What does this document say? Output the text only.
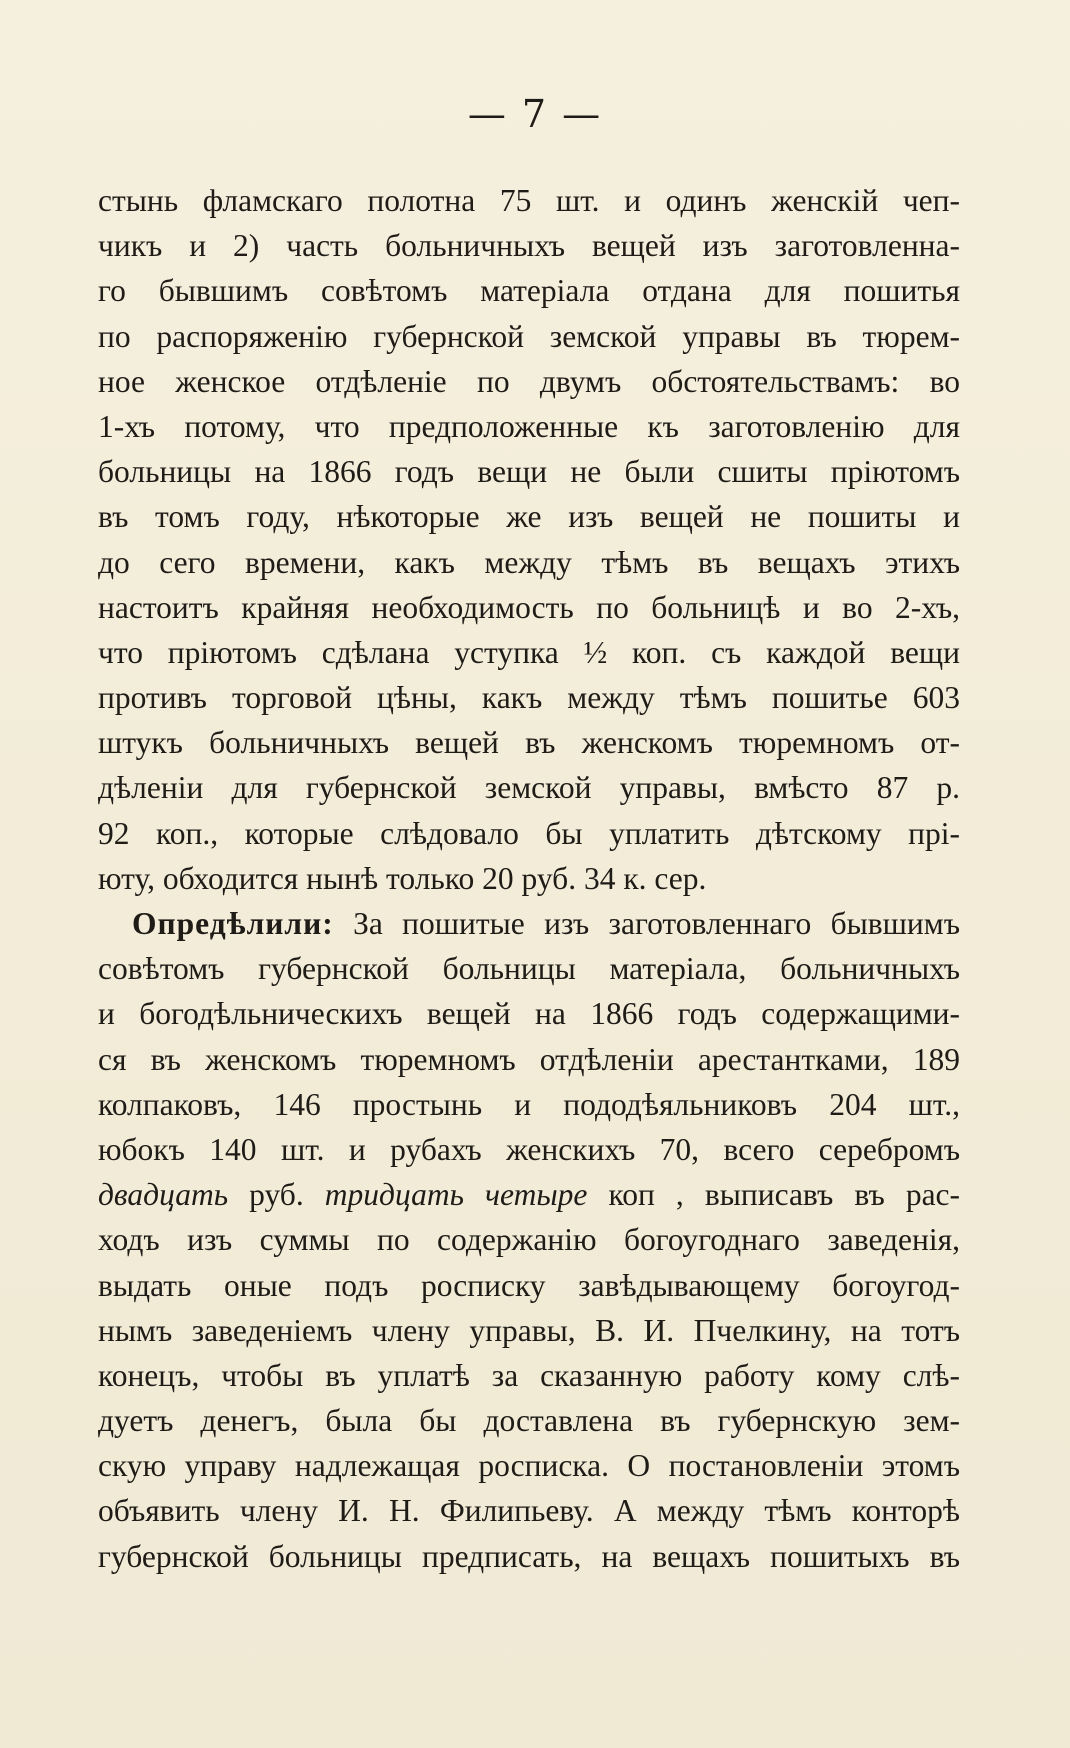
— 7 —
стынь фламскаго полотна 75 шт. и одинъ женскій чеп-
чикъ и 2) часть больничныхъ вещей изъ заготовленна-
го бывшимъ совѣтомъ матеріала отдана для пошитья
по распоряженію губернской земской управы въ тюрем-
ное женское отдѣленіе по двумъ обстоятельствамъ: во
1-хъ потому, что предположенные къ заготовленію для
больницы на 1866 годъ вещи не были сшиты пріютомъ
въ томъ году, нѣкоторые же изъ вещей не пошиты и
до сего времени, какъ между тѣмъ въ вещахъ этихъ
настоитъ крайняя необходимость по больницѣ и во 2-хъ,
что пріютомъ сдѣлана уступка ½ коп. съ каждой вещи
противъ торговой цѣны, какъ между тѣмъ пошитье 603
штукъ больничныхъ вещей въ женскомъ тюремномъ от-
дѣленіи для губернской земской управы, вмѣсто 87 р.
92 коп., которые слѣдовало бы уплатить дѣтскому прі-
юту, обходится нынѣ только 20 руб. 34 к. сер.
Опредѣлили: За пошитые изъ заготовленнаго бывшимъ
совѣтомъ губернской больницы матеріала, больничныхъ
и богодѣльническихъ вещей на 1866 годъ содержащими-
ся въ женскомъ тюремномъ отдѣленіи арестантками, 189
колпаковъ, 146 простынь и пододѣяльниковъ 204 шт.,
юбокъ 140 шт. и рубахъ женскихъ 70, всего серебромъ
двадцать руб. тридцать четыре коп , выписавъ въ рас-
ходъ изъ суммы по содержанію богоугоднаго заведенія,
выдать оные подъ росписку завѣдывающему богоугод-
нымъ заведеніемъ члену управы, В. И. Пчелкину, на тотъ
конецъ, чтобы въ уплатѣ за сказанную работу кому слѣ-
дуетъ денегъ, была бы доставлена въ губернскую зем-
скую управу надлежащая росписка. О постановленіи этомъ
объявить члену И. Н. Филипьеву. А между тѣмъ конторѣ
губернской больницы предписать, на вещахъ пошитыхъ въ
